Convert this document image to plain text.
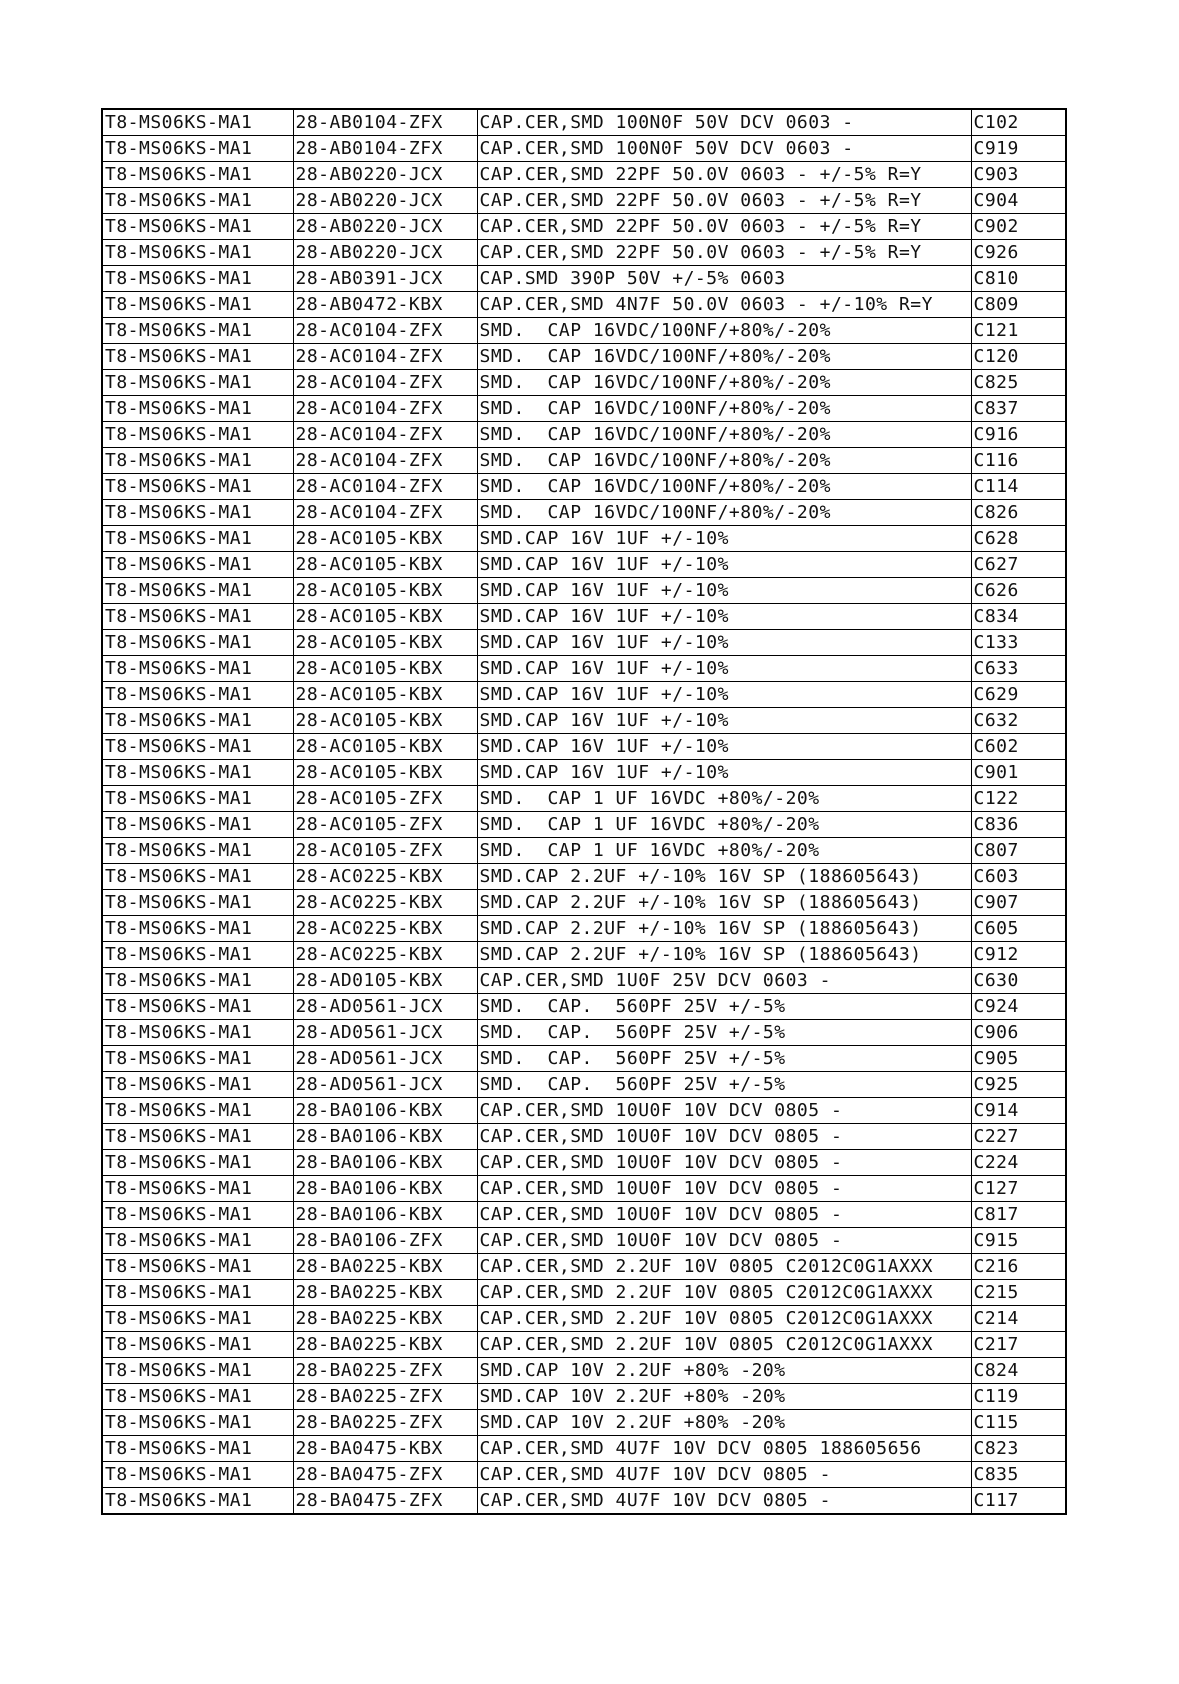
T8-MS06KS-MA1	28-AB0104-ZFX	CAP.CER,SMD 100N0F 50V DCV 0603 -	C102
T8-MS06KS-MA1	28-AB0104-ZFX	CAP.CER,SMD 100N0F 50V DCV 0603 -	C919
T8-MS06KS-MA1	28-AB0220-JCX	CAP.CER,SMD 22PF 50.0V 0603 - +/-5% R=Y	C903
T8-MS06KS-MA1	28-AB0220-JCX	CAP.CER,SMD 22PF 50.0V 0603 - +/-5% R=Y	C904
T8-MS06KS-MA1	28-AB0220-JCX	CAP.CER,SMD 22PF 50.0V 0603 - +/-5% R=Y	C902
T8-MS06KS-MA1	28-AB0220-JCX	CAP.CER,SMD 22PF 50.0V 0603 - +/-5% R=Y	C926
T8-MS06KS-MA1	28-AB0391-JCX	CAP.SMD 390P 50V +/-5% 0603	C810
T8-MS06KS-MA1	28-AB0472-KBX	CAP.CER,SMD 4N7F 50.0V 0603 - +/-10% R=Y	C809
T8-MS06KS-MA1	28-AC0104-ZFX	SMD.  CAP 16VDC/100NF/+80%/-20%	C121
T8-MS06KS-MA1	28-AC0104-ZFX	SMD.  CAP 16VDC/100NF/+80%/-20%	C120
T8-MS06KS-MA1	28-AC0104-ZFX	SMD.  CAP 16VDC/100NF/+80%/-20%	C825
T8-MS06KS-MA1	28-AC0104-ZFX	SMD.  CAP 16VDC/100NF/+80%/-20%	C837
T8-MS06KS-MA1	28-AC0104-ZFX	SMD.  CAP 16VDC/100NF/+80%/-20%	C916
T8-MS06KS-MA1	28-AC0104-ZFX	SMD.  CAP 16VDC/100NF/+80%/-20%	C116
T8-MS06KS-MA1	28-AC0104-ZFX	SMD.  CAP 16VDC/100NF/+80%/-20%	C114
T8-MS06KS-MA1	28-AC0104-ZFX	SMD.  CAP 16VDC/100NF/+80%/-20%	C826
T8-MS06KS-MA1	28-AC0105-KBX	SMD.CAP 16V 1UF +/-10%	C628
T8-MS06KS-MA1	28-AC0105-KBX	SMD.CAP 16V 1UF +/-10%	C627
T8-MS06KS-MA1	28-AC0105-KBX	SMD.CAP 16V 1UF +/-10%	C626
T8-MS06KS-MA1	28-AC0105-KBX	SMD.CAP 16V 1UF +/-10%	C834
T8-MS06KS-MA1	28-AC0105-KBX	SMD.CAP 16V 1UF +/-10%	C133
T8-MS06KS-MA1	28-AC0105-KBX	SMD.CAP 16V 1UF +/-10%	C633
T8-MS06KS-MA1	28-AC0105-KBX	SMD.CAP 16V 1UF +/-10%	C629
T8-MS06KS-MA1	28-AC0105-KBX	SMD.CAP 16V 1UF +/-10%	C632
T8-MS06KS-MA1	28-AC0105-KBX	SMD.CAP 16V 1UF +/-10%	C602
T8-MS06KS-MA1	28-AC0105-KBX	SMD.CAP 16V 1UF +/-10%	C901
T8-MS06KS-MA1	28-AC0105-ZFX	SMD.  CAP 1 UF 16VDC +80%/-20%	C122
T8-MS06KS-MA1	28-AC0105-ZFX	SMD.  CAP 1 UF 16VDC +80%/-20%	C836
T8-MS06KS-MA1	28-AC0105-ZFX	SMD.  CAP 1 UF 16VDC +80%/-20%	C807
T8-MS06KS-MA1	28-AC0225-KBX	SMD.CAP 2.2UF +/-10% 16V SP (188605643)	C603
T8-MS06KS-MA1	28-AC0225-KBX	SMD.CAP 2.2UF +/-10% 16V SP (188605643)	C907
T8-MS06KS-MA1	28-AC0225-KBX	SMD.CAP 2.2UF +/-10% 16V SP (188605643)	C605
T8-MS06KS-MA1	28-AC0225-KBX	SMD.CAP 2.2UF +/-10% 16V SP (188605643)	C912
T8-MS06KS-MA1	28-AD0105-KBX	CAP.CER,SMD 1U0F 25V DCV 0603 -	C630
T8-MS06KS-MA1	28-AD0561-JCX	SMD.  CAP.  560PF 25V +/-5%	C924
T8-MS06KS-MA1	28-AD0561-JCX	SMD.  CAP.  560PF 25V +/-5%	C906
T8-MS06KS-MA1	28-AD0561-JCX	SMD.  CAP.  560PF 25V +/-5%	C905
T8-MS06KS-MA1	28-AD0561-JCX	SMD.  CAP.  560PF 25V +/-5%	C925
T8-MS06KS-MA1	28-BA0106-KBX	CAP.CER,SMD 10U0F 10V DCV 0805 -	C914
T8-MS06KS-MA1	28-BA0106-KBX	CAP.CER,SMD 10U0F 10V DCV 0805 -	C227
T8-MS06KS-MA1	28-BA0106-KBX	CAP.CER,SMD 10U0F 10V DCV 0805 -	C224
T8-MS06KS-MA1	28-BA0106-KBX	CAP.CER,SMD 10U0F 10V DCV 0805 -	C127
T8-MS06KS-MA1	28-BA0106-KBX	CAP.CER,SMD 10U0F 10V DCV 0805 -	C817
T8-MS06KS-MA1	28-BA0106-ZFX	CAP.CER,SMD 10U0F 10V DCV 0805 -	C915
T8-MS06KS-MA1	28-BA0225-KBX	CAP.CER,SMD 2.2UF 10V 0805 C2012C0G1AXXX	C216
T8-MS06KS-MA1	28-BA0225-KBX	CAP.CER,SMD 2.2UF 10V 0805 C2012C0G1AXXX	C215
T8-MS06KS-MA1	28-BA0225-KBX	CAP.CER,SMD 2.2UF 10V 0805 C2012C0G1AXXX	C214
T8-MS06KS-MA1	28-BA0225-KBX	CAP.CER,SMD 2.2UF 10V 0805 C2012C0G1AXXX	C217
T8-MS06KS-MA1	28-BA0225-ZFX	SMD.CAP 10V 2.2UF +80% -20%	C824
T8-MS06KS-MA1	28-BA0225-ZFX	SMD.CAP 10V 2.2UF +80% -20%	C119
T8-MS06KS-MA1	28-BA0225-ZFX	SMD.CAP 10V 2.2UF +80% -20%	C115
T8-MS06KS-MA1	28-BA0475-KBX	CAP.CER,SMD 4U7F 10V DCV 0805 188605656	C823
T8-MS06KS-MA1	28-BA0475-ZFX	CAP.CER,SMD 4U7F 10V DCV 0805 -	C835
T8-MS06KS-MA1	28-BA0475-ZFX	CAP.CER,SMD 4U7F 10V DCV 0805 -	C117
